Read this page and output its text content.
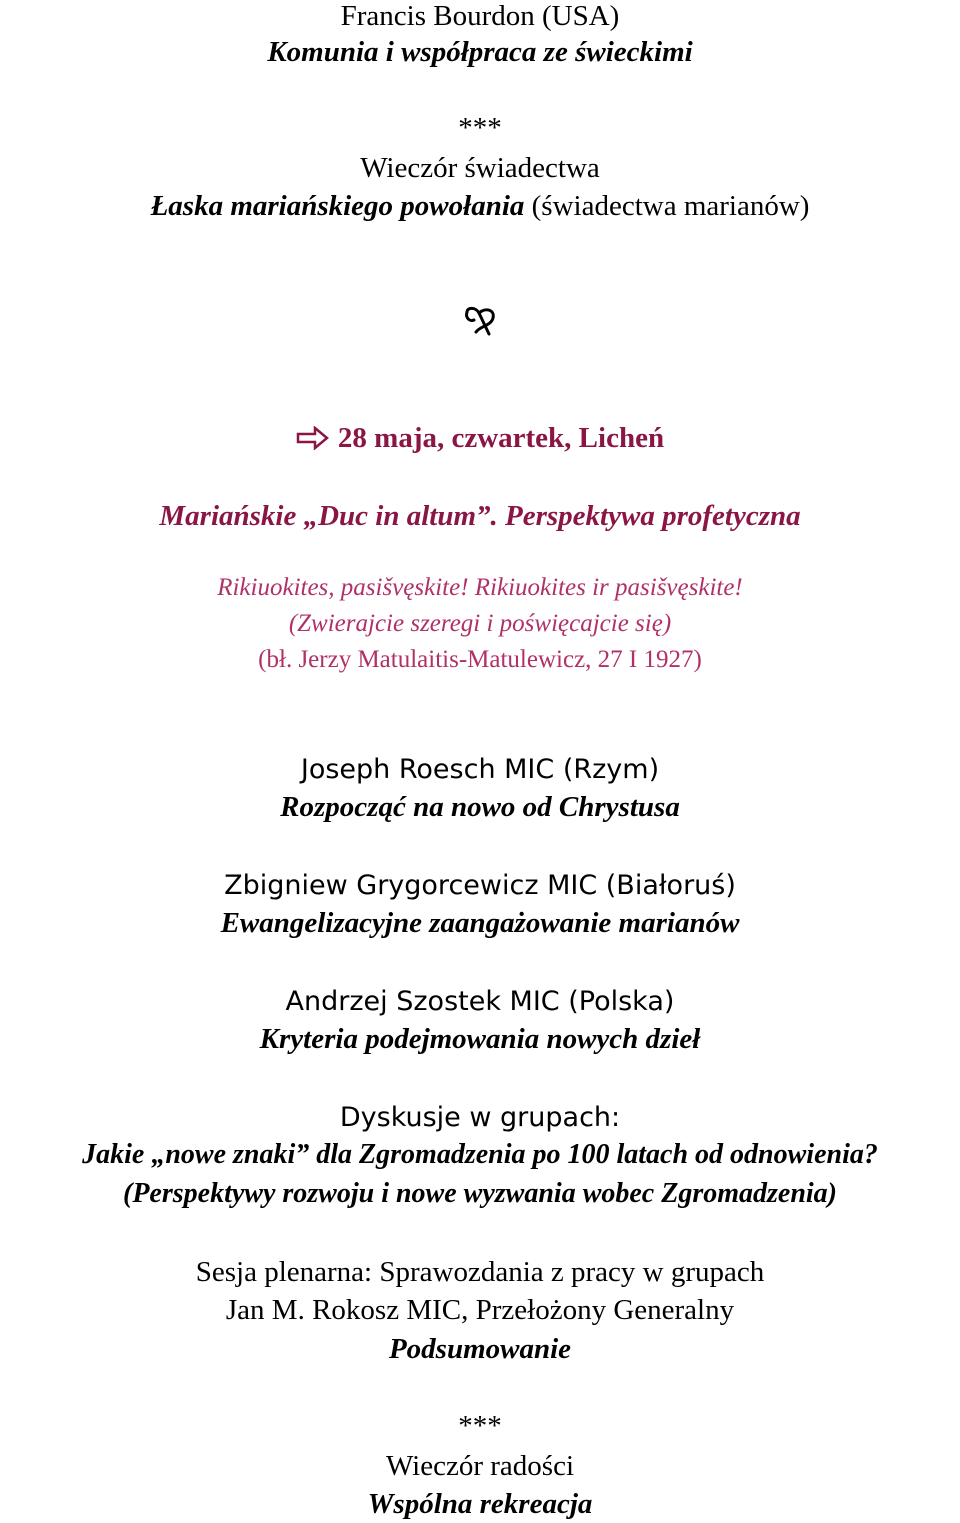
Francis Bourdon (USA)
Komunia i współpraca ze świeckimi
***
Wieczór świadectwa
Łaska mariańskiego powołania (świadectwa marianów)
28 maja, czwartek, Licheń
Mariańskie „Duc in altum”. Perspektywa profetyczna
Rikiuokites, pasišvęskite! Rikiuokites ir pasišvęskite!
(Zwierajcie szeregi i poświęcajcie się)
(bł. Jerzy Matulaitis-Matulewicz, 27 I 1927)
Joseph Roesch MIC (Rzym)
Rozpocząć na nowo od Chrystusa
Zbigniew Grygorcewicz MIC (Białoruś)
Ewangelizacyjne zaangażowanie marianów
Andrzej Szostek MIC (Polska)
Kryteria podejmowania nowych dzieł
Dyskusje w grupach:
Jakie „nowe znaki” dla Zgromadzenia po 100 latach od odnowienia?
(Perspektywy rozwoju i nowe wyzwania wobec Zgromadzenia)
Sesja plenarna: Sprawozdania z pracy w grupach
Jan M. Rokosz MIC, Przełożony Generalny
Podsumowanie
***
Wieczór radości
Wspólna rekreacja
